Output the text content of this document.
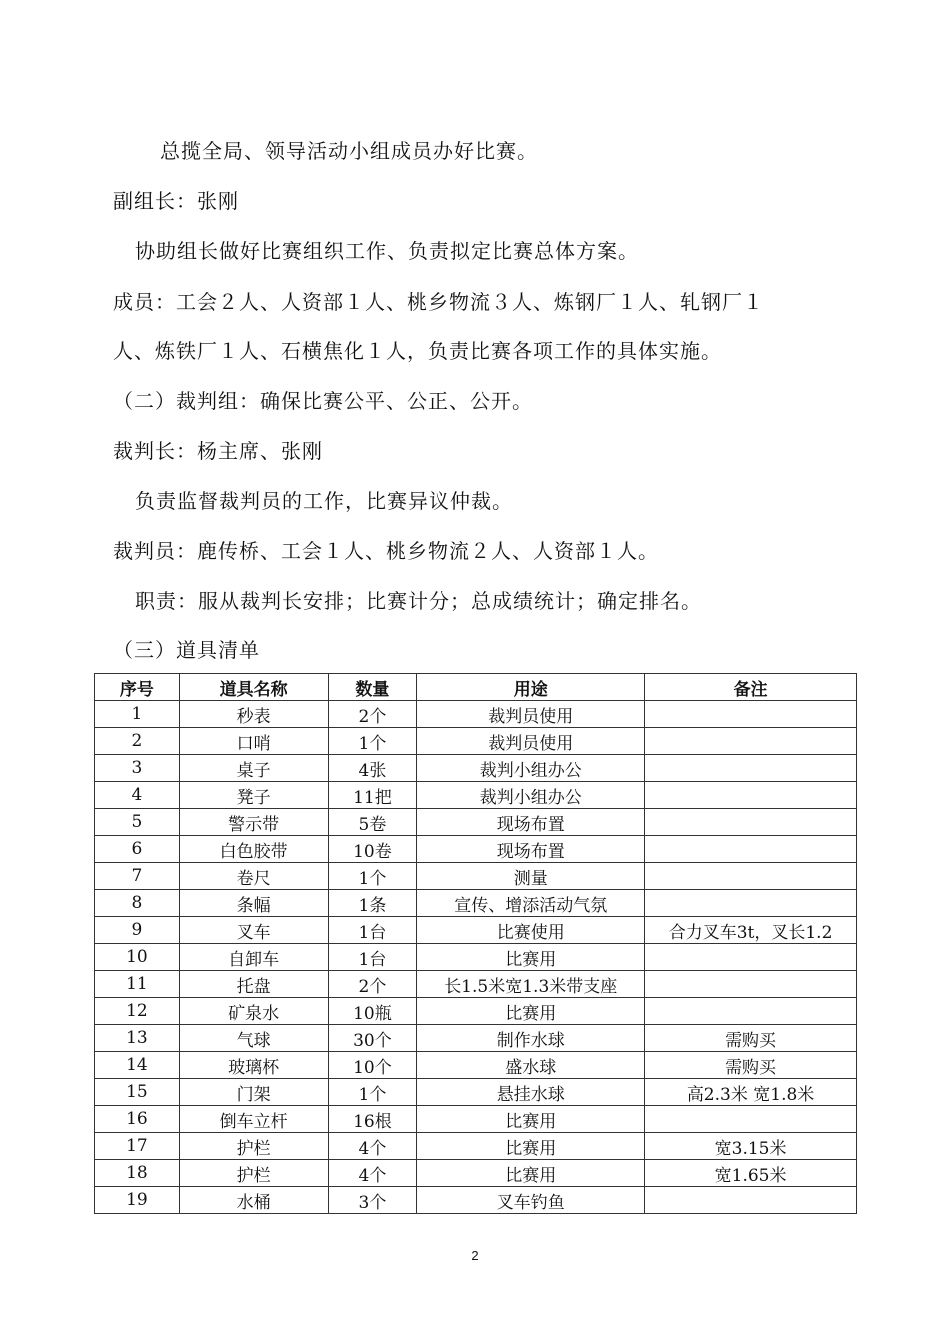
总揽全局、领导活动小组成员办好比赛。
副组长：张刚
协助组长做好比赛组织工作、负责拟定比赛总体方案。
成员：工会２人、人资部１人、桃乡物流３人、炼钢厂１人、轧钢厂１
人、炼铁厂１人、石横焦化１人，负责比赛各项工作的具体实施。
（二）裁判组：确保比赛公平、公正、公开。
裁判长：杨主席、张刚
负责监督裁判员的工作，比赛异议仲裁。
裁判员：鹿传桥、工会１人、桃乡物流２人、人资部１人。
职责：服从裁判长安排；比赛计分；总成绩统计；确定排名。
（三）道具清单
序号	道具名称	数量	用途	备注
1	秒表	2个	裁判员使用	
2	口哨	1个	裁判员使用	
3	桌子	4张	裁判小组办公	
4	凳子	11把	裁判小组办公	
5	警示带	5卷	现场布置	
6	白色胶带	10卷	现场布置	
7	卷尺	1个	测量	
8	条幅	1条	宣传、增添活动气氛	
9	叉车	1台	比赛使用	合力叉车3t，叉长1.2
10	自卸车	1台	比赛用	
11	托盘	2个	长1.5米宽1.3米带支座	
12	矿泉水	10瓶	比赛用	
13	气球	30个	制作水球	需购买
14	玻璃杯	10个	盛水球	需购买
15	门架	1个	悬挂水球	高2.3米 宽1.8米
16	倒车立杆	16根	比赛用	
17	护栏	4个	比赛用	宽3.15米
18	护栏	4个	比赛用	宽1.65米
19	水桶	3个	叉车钓鱼	
2
